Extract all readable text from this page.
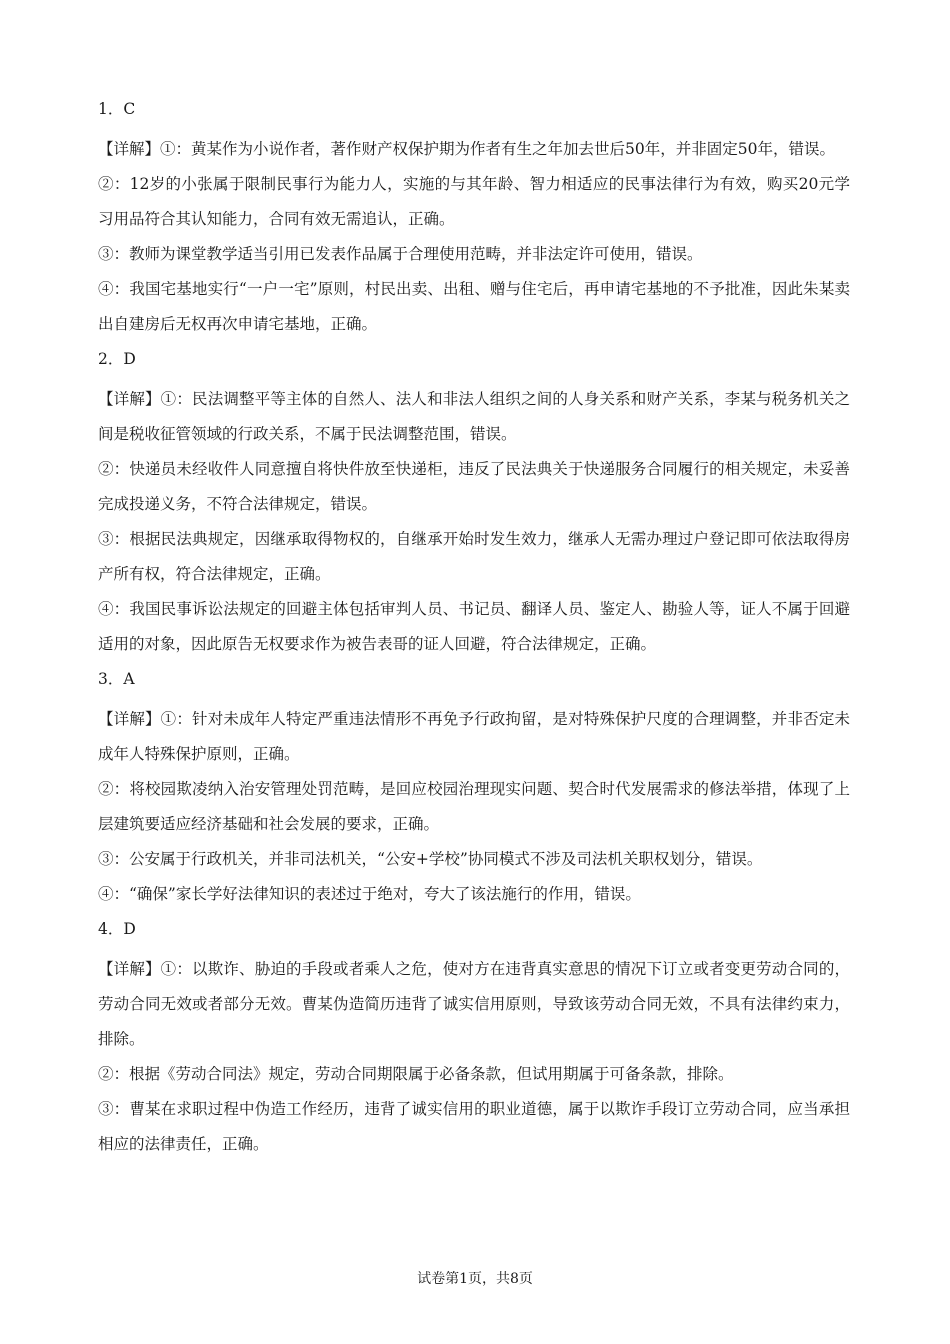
1．C

【详解】①：黄某作为小说作者，著作财产权保护期为作者有生之年加去世后50年，并非固定50年，错误。

②：12岁的小张属于限制民事行为能力人，实施的与其年龄、智力相适应的民事法律行为有效，购买20元学习用品符合其认知能力，合同有效无需追认，正确。

③：教师为课堂教学适当引用已发表作品属于合理使用范畴，并非法定许可使用，错误。

④：我国宅基地实行“一户一宅”原则，村民出卖、出租、赠与住宅后，再申请宅基地的不予批准，因此朱某卖出自建房后无权再次申请宅基地，正确。

2．D

【详解】①：民法调整平等主体的自然人、法人和非法人组织之间的人身关系和财产关系，李某与税务机关之间是税收征管领域的行政关系，不属于民法调整范围，错误。

②：快递员未经收件人同意擅自将快件放至快递柜，违反了民法典关于快递服务合同履行的相关规定，未妥善完成投递义务，不符合法律规定，错误。

③：根据民法典规定，因继承取得物权的，自继承开始时发生效力，继承人无需办理过户登记即可依法取得房产所有权，符合法律规定，正确。

④：我国民事诉讼法规定的回避主体包括审判人员、书记员、翻译人员、鉴定人、勘验人等，证人不属于回避适用的对象，因此原告无权要求作为被告表哥的证人回避，符合法律规定，正确。

3．A

【详解】①：针对未成年人特定严重违法情形不再免予行政拘留，是对特殊保护尺度的合理调整，并非否定未成年人特殊保护原则，正确。

②：将校园欺凌纳入治安管理处罚范畴，是回应校园治理现实问题、契合时代发展需求的修法举措，体现了上层建筑要适应经济基础和社会发展的要求，正确。

③：公安属于行政机关，并非司法机关，“公安+学校”协同模式不涉及司法机关职权划分，错误。

④：“确保”家长学好法律知识的表述过于绝对，夸大了该法施行的作用，错误。

4．D

【详解】①：以欺诈、胁迫的手段或者乘人之危，使对方在违背真实意思的情况下订立或者变更劳动合同的，劳动合同无效或者部分无效。曹某伪造简历违背了诚实信用原则，导致该劳动合同无效，不具有法律约束力，排除。

②：根据《劳动合同法》规定，劳动合同期限属于必备条款，但试用期属于可备条款，排除。

③：曹某在求职过程中伪造工作经历，违背了诚实信用的职业道德，属于以欺诈手段订立劳动合同，应当承担相应的法律责任，正确。

试卷第1页，共8页
